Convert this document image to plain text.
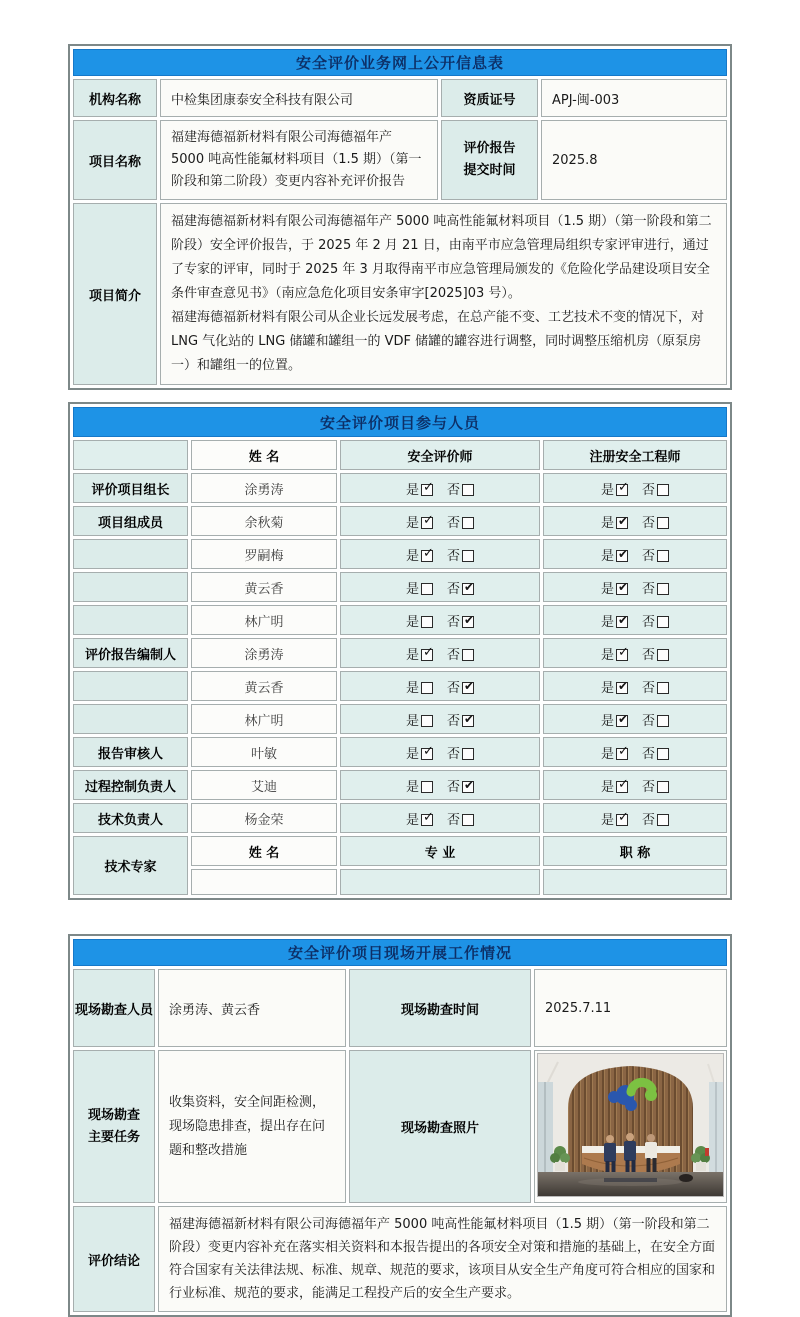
安全评价业务网上公开信息表			
机构名称	中检集团康泰安全科技有限公司	资质证号	APJ-闽-003
项目名称	福建海德福新材料有限公司海德福年产 5000 吨高性能氟材料项目（1.5 期）（第一阶段和第二阶段）变更内容补充评价报告	评价报告提交时间	2025.8
项目简介	福建海德福新材料有限公司海德福年产 5000 吨高性能氟材料项目（1.5 期）（第一阶段和第二阶段）安全评价报告，于 2025 年 2 月 21 日，由南平市应急管理局组织专家评审进行，通过了专家的评审，同时于 2025 年 3 月取得南平市应急管理局颁发的《危险化学品建设项目安全条件审查意见书》（南应急危化项目安条审字[2025]03 号）。

福建海德福新材料有限公司从企业长远发展考虑，在总产能不变、工艺技术不变的情况下，对 LNG 气化站的 LNG 储罐和罐组一的 VDF 储罐的罐容进行调整，同时调整压缩机房（原泵房一）和罐组一的位置。		

安全评价项目参与人员			
	姓 名	安全评价师	注册安全工程师
评价项目组长	涂勇涛	是 ✓ 否	是 ✓ 否
项目组成员	余秋菊	是 ✓ 否	是 ✔ 否
	罗嗣梅	是 ✓ 否	是 ✔ 否
	黄云香	是 否✔	是 ✔ 否
	林广明	是 否✔	是 ✔ 否
评价报告编制人	涂勇涛	是 ✓ 否	是 ✓ 否
	黄云香	是 否✔	是 ✔ 否
	林广明	是 否✔	是 ✔ 否
报告审核人	叶敏	是 ✓ 否	是 ✓ 否
过程控制负责人	艾迪	是 否✔	是 ✓ 否
技术负责人	杨金荣	是 ✓ 否	是 ✓ 否
技术专家	姓 名	专 业	职 称

安全评价项目现场开展工作情况			
现场勘查人员	涂勇涛、黄云香	现场勘查时间	2025.7.11

现场勘查主要任务	收集资料，安全间距检测，现场隐患排查，提出存在问题和整改措施	现场勘查照片	
评价结论	福建海德福新材料有限公司海德福年产 5000 吨高性能氟材料项目（1.5 期）（第一阶段和第二阶段）变更内容补充在落实相关资料和本报告提出的各项安全对策和措施的基础上，在安全方面符合国家有关法律法规、标准、规章、规范的要求，该项目从安全生产角度可符合相应的国家和行业标准、规范的要求，能满足工程投产后的安全生产要求。		
